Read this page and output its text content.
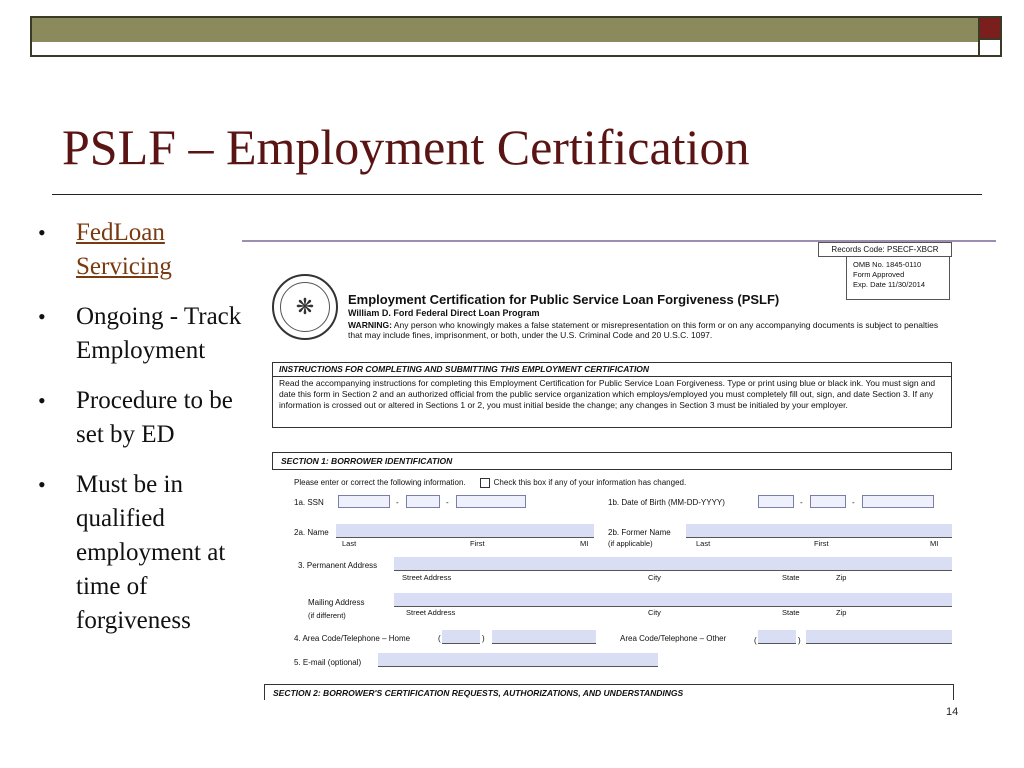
PSLF – Employment Certification
• FedLoan Servicing
• Ongoing - Track Employment
• Procedure to be set by ED
• Must be in qualified employment at time of forgiveness
Records Code: PSECF-XBCR
OMB No. 1845-0110
Form Approved
Exp. Date 11/30/2014
❋	Employment Certification for Public Service Loan Forgiveness (PSLF)
William D. Ford Federal Direct Loan Program
WARNING: Any person who knowingly makes a false statement or misrepresentation on this form or on any accompanying documents is subject to penalties that may include fines, imprisonment, or both, under the U.S. Criminal Code and 20 U.S.C. 1097.
INSTRUCTIONS FOR COMPLETING AND SUBMITTING THIS EMPLOYMENT CERTIFICATION
Read the accompanying instructions for completing this Employment Certification for Public Service Loan Forgiveness. Type or print using blue or black ink. You must sign and date this form in Section 2 and an authorized official from the public service organization which employs/employed you must completely fill out, sign, and date Section 3. If any information is crossed out or altered in Sections 1 or 2, you must initial beside the change; any changes in Section 3 must be initialed by your employer.
SECTION 1: BORROWER IDENTIFICATION
Please enter or correct the following information.	Check this box if any of your information has changed.
1a. SSN	-	-	1b. Date of Birth (MM-DD-YYYY)	-	-
2a. Name
Last	First	MI
2b. Former Name
(if applicable)	Last	First	MI
3. Permanent Address
Street Address	City	State	Zip
Mailing Address
(if different)	Street Address	City	State	Zip
4. Area Code/Telephone – Home	(	)	Area Code/Telephone – Other	(	)
5. E-mail (optional)
SECTION 2: BORROWER'S CERTIFICATION REQUESTS, AUTHORIZATIONS, AND UNDERSTANDINGS
14
